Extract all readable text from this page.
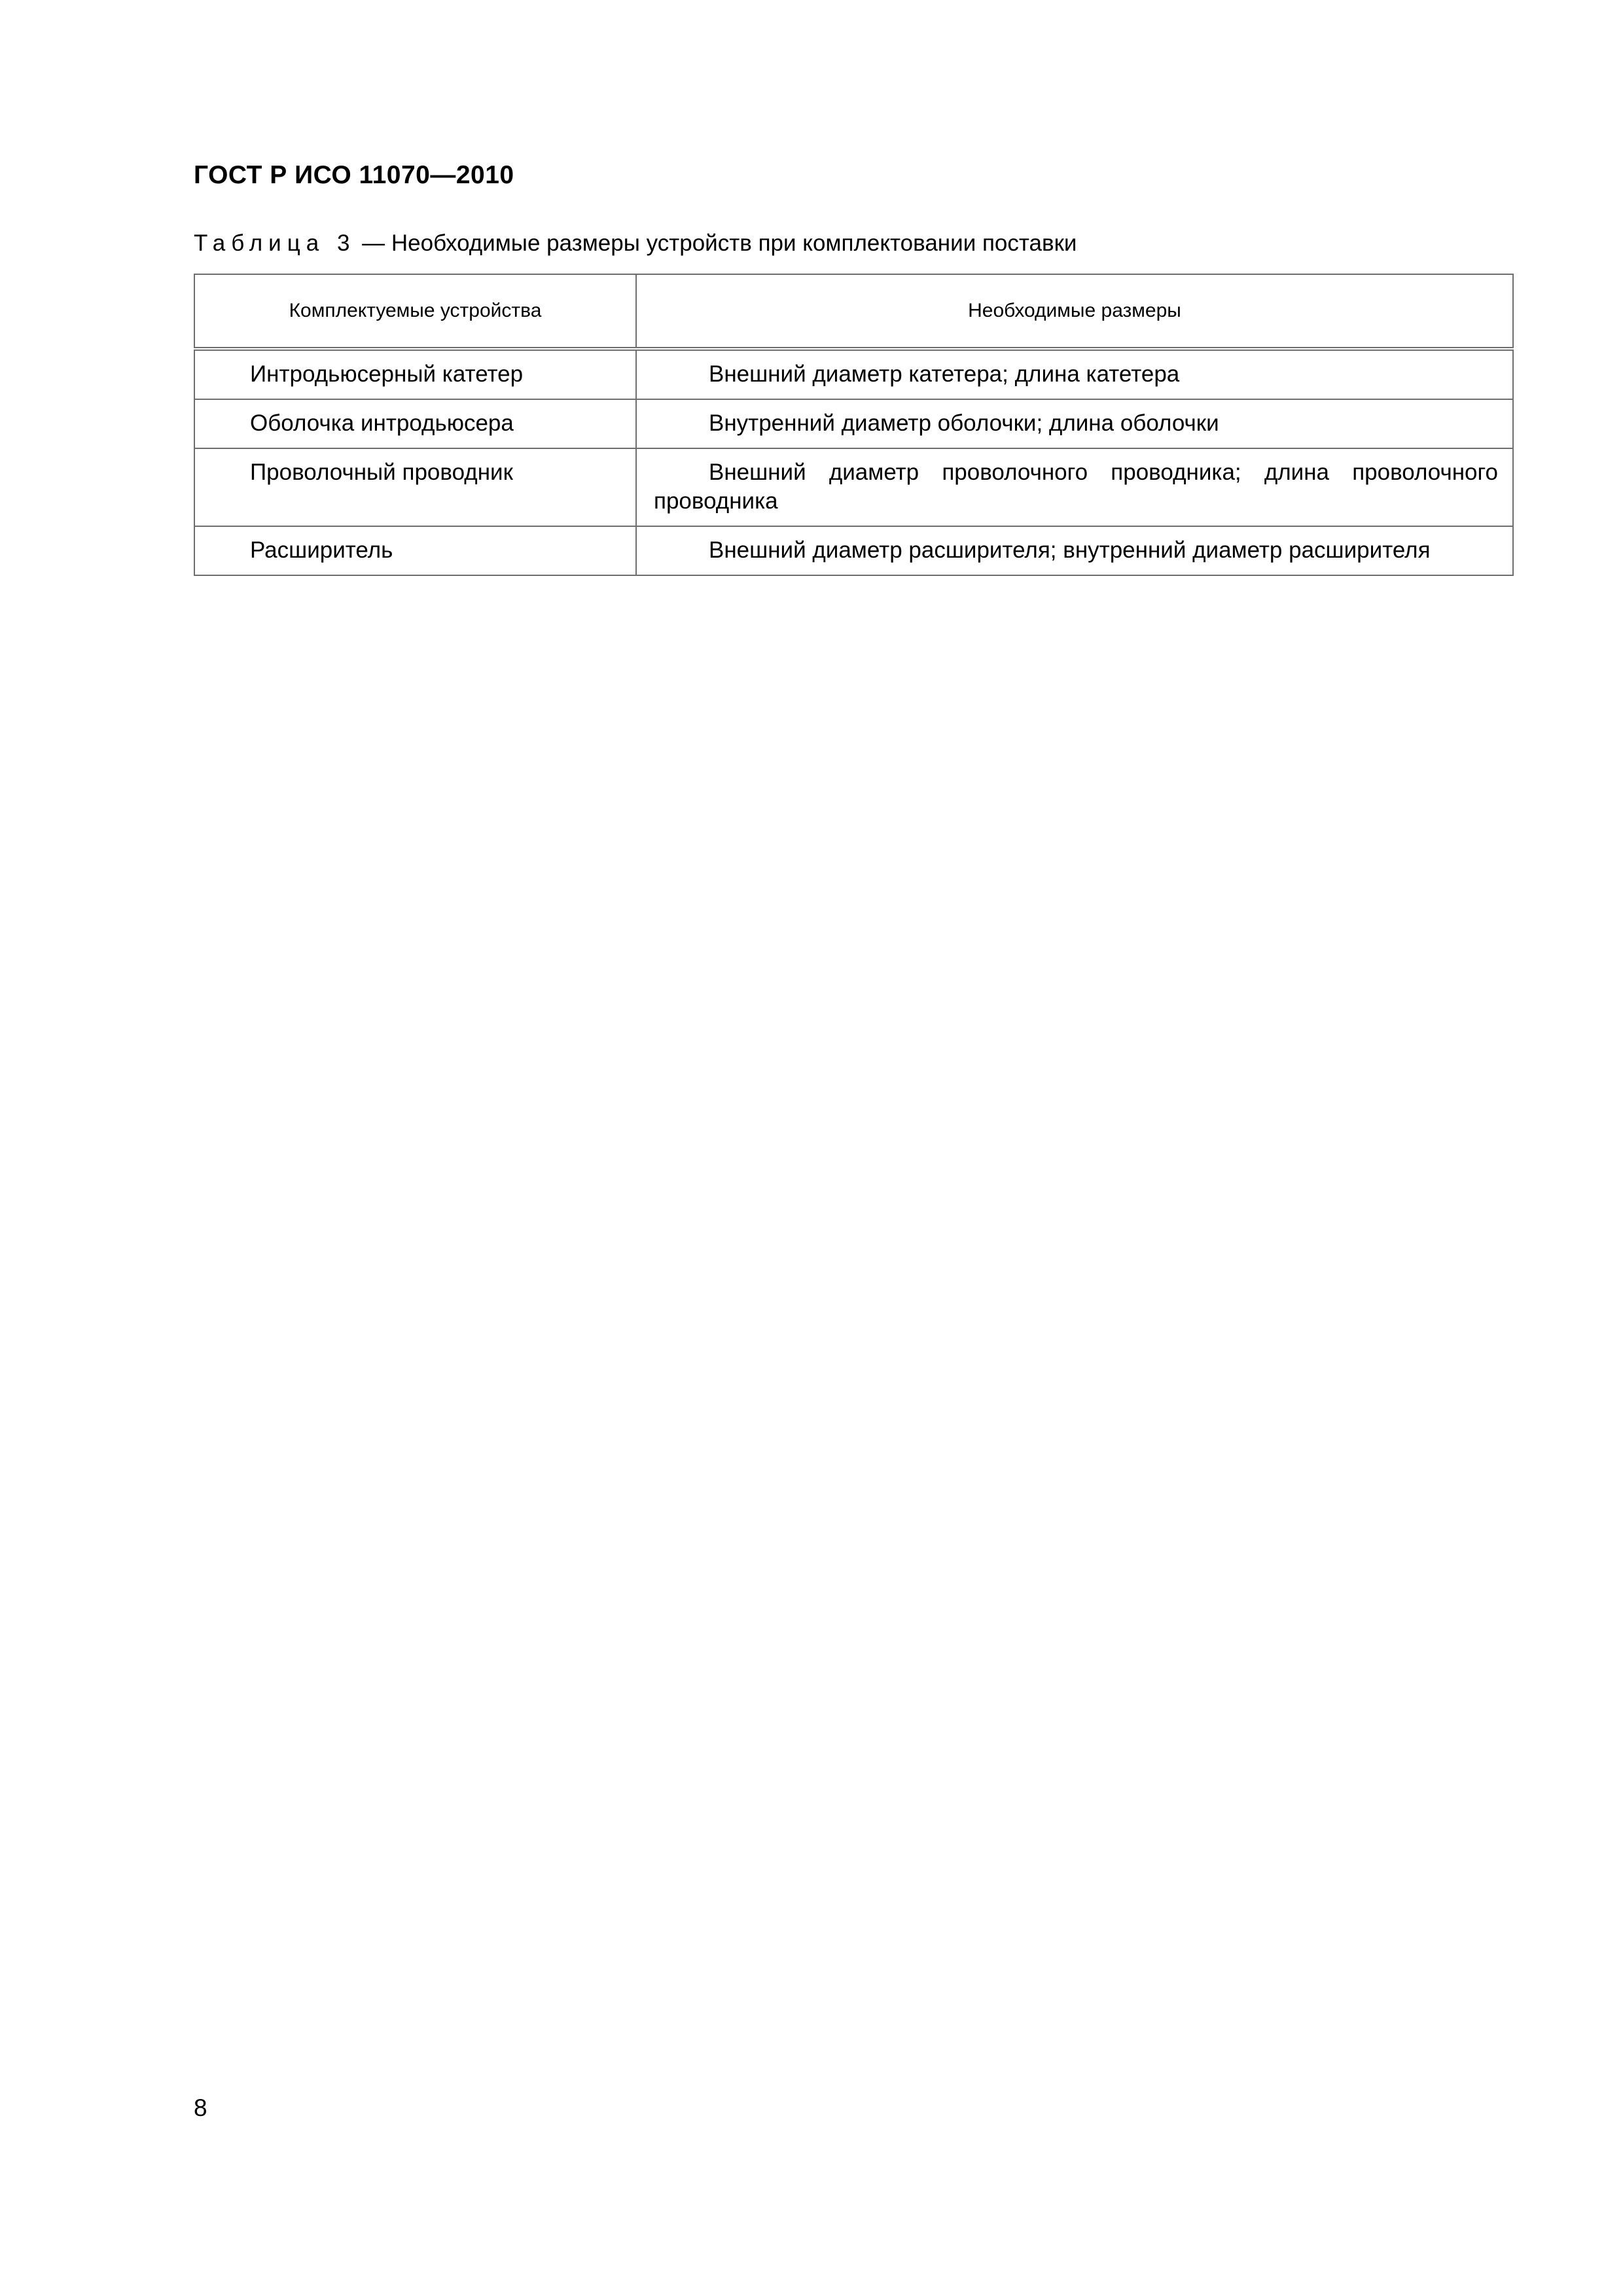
ГОСТ Р ИСО 11070—2010
Таблица 3 — Необходимые размеры устройств при комплектовании поставки
Комплектуемые устройства	Необходимые размеры
Интродьюсерный катетер	Внешний диаметр катетера; длина катетера
Оболочка интродьюсера	Внутренний диаметр оболочки; длина оболочки
Проволочный проводник	Внешний диаметр проволочного проводника; длина проволочного проводника
Расширитель	Внешний диаметр расширителя; внутренний диаметр расширителя
8
